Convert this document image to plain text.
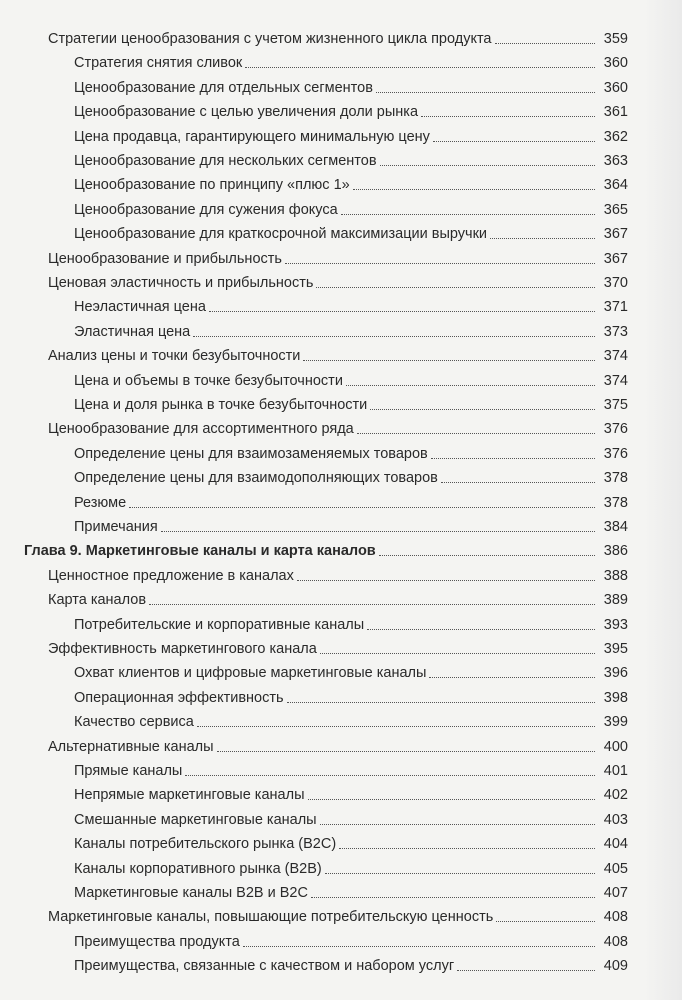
Стратегии ценообразования с учетом жизненного цикла продукта	359
Стратегия снятия сливок	360
Ценообразование для отдельных сегментов	360
Ценообразование с целью увеличения доли рынка	361
Цена продавца, гарантирующего минимальную цену	362
Ценообразование для нескольких сегментов	363
Ценообразование по принципу «плюс 1»	364
Ценообразование для сужения фокуса	365
Ценообразование для краткосрочной максимизации выручки	367
Ценообразование и прибыльность	367
Ценовая эластичность и прибыльность	370
Неэластичная цена	371
Эластичная цена	373
Анализ цены и точки безубыточности	374
Цена и объемы в точке безубыточности	374
Цена и доля рынка в точке безубыточности	375
Ценообразование для ассортиментного ряда	376
Определение цены для взаимозаменяемых товаров	376
Определение цены для взаимодополняющих товаров	378
Резюме	378
Примечания	384
Глава 9. Маркетинговые каналы и карта каналов	386
Ценностное предложение в каналах	388
Карта каналов	389
Потребительские и корпоративные каналы	393
Эффективность маркетингового канала	395
Охват клиентов и цифровые маркетинговые каналы	396
Операционная эффективность	398
Качество сервиса	399
Альтернативные каналы	400
Прямые каналы	401
Непрямые маркетинговые каналы	402
Смешанные маркетинговые каналы	403
Каналы потребительского рынка (B2C)	404
Каналы корпоративного рынка (B2B)	405
Маркетинговые каналы B2B и B2C	407
Маркетинговые каналы, повышающие потребительскую ценность	408
Преимущества продукта	408
Преимущества, связанные с качеством и набором услуг	409
